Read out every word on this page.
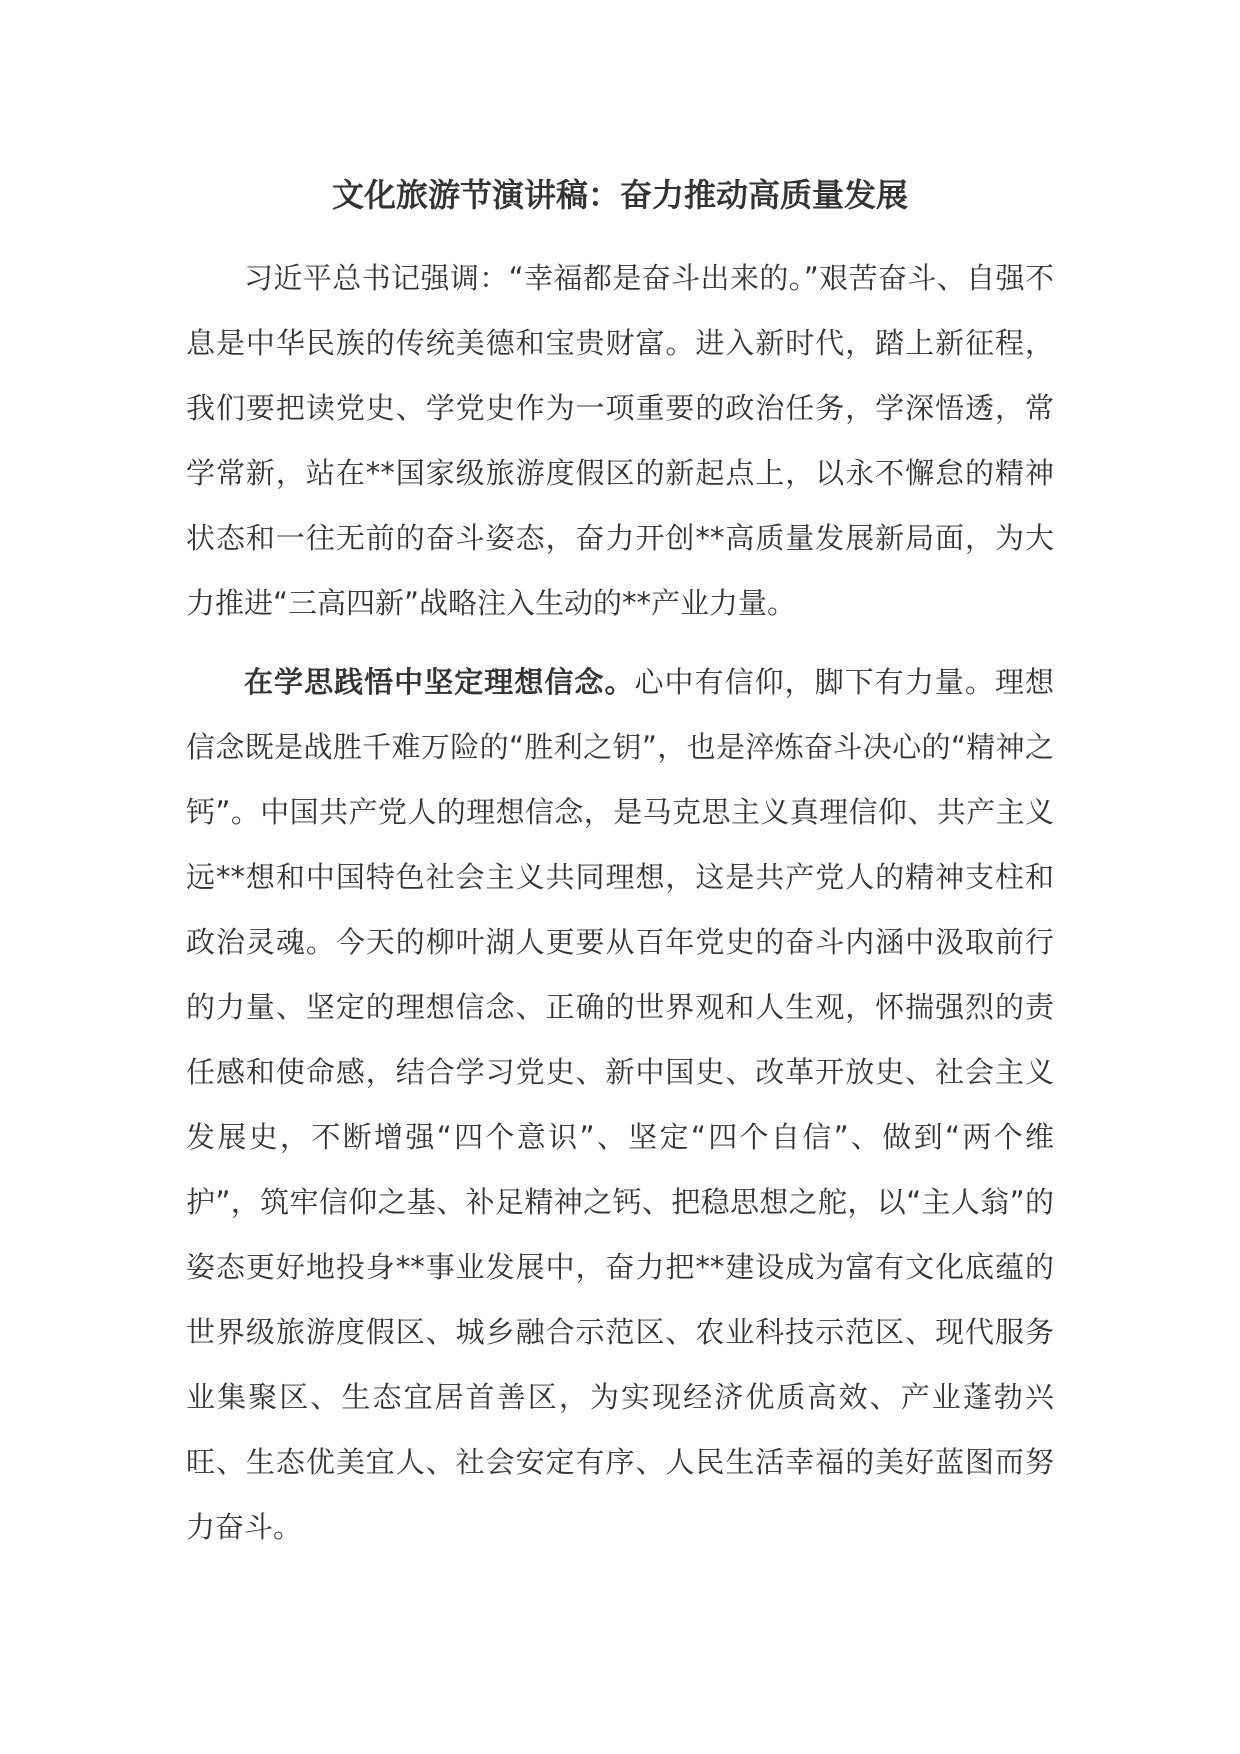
文化旅游节演讲稿：奋力推动高质量发展

习近平总书记强调：“幸福都是奋斗出来的。”艰苦奋斗、自强不息是中华民族的传统美德和宝贵财富。进入新时代，踏上新征程，我们要把读党史、学党史作为一项重要的政治任务，学深悟透，常学常新，站在**国家级旅游度假区的新起点上，以永不懈怠的精神状态和一往无前的奋斗姿态，奋力开创**高质量发展新局面，为大力推进“三高四新”战略注入生动的**产业力量。

在学思践悟中坚定理想信念。心中有信仰，脚下有力量。理想信念既是战胜千难万险的“胜利之钥”，也是淬炼奋斗决心的“精神之钙”。中国共产党人的理想信念，是马克思主义真理信仰、共产主义远**想和中国特色社会主义共同理想，这是共产党人的精神支柱和政治灵魂。今天的柳叶湖人更要从百年党史的奋斗内涵中汲取前行的力量、坚定的理想信念、正确的世界观和人生观，怀揣强烈的责任感和使命感，结合学习党史、新中国史、改革开放史、社会主义发展史，不断增强“四个意识”、坚定“四个自信”、做到“两个维护”，筑牢信仰之基、补足精神之钙、把稳思想之舵，以“主人翁”的姿态更好地投身**事业发展中，奋力把**建设成为富有文化底蕴的世界级旅游度假区、城乡融合示范区、农业科技示范区、现代服务业集聚区、生态宜居首善区，为实现经济优质高效、产业蓬勃兴旺、生态优美宜人、社会安定有序、人民生活幸福的美好蓝图而努力奋斗。
